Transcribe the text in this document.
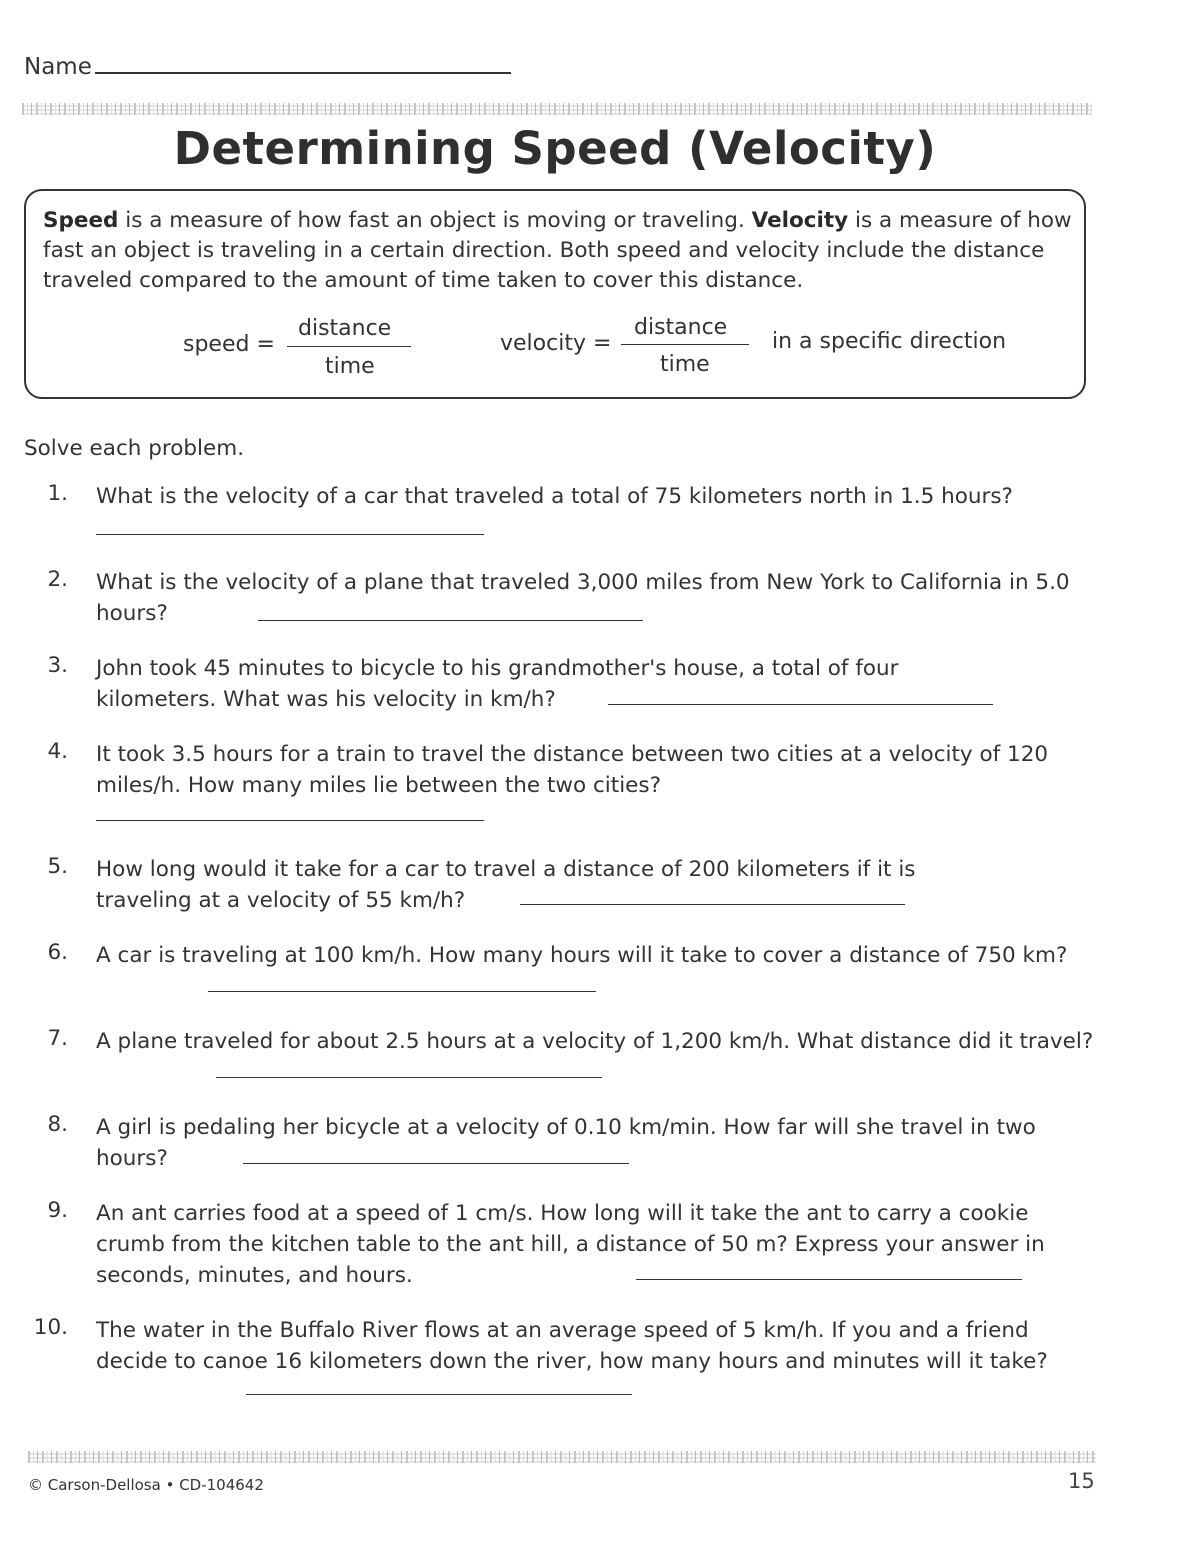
Name
Determining Speed (Velocity)
Speed is a measure of how fast an object is moving or traveling. Velocity is a measure of how fast an object is traveling in a certain direction. Both speed and velocity include the distance traveled compared to the amount of time taken to cover this distance.
speed =
distance
time
velocity =
distance
time
in a specific direction
Solve each problem.
1. What is the velocity of a car that traveled a total of 75 kilometers north in 1.5 hours?
2. What is the velocity of a plane that traveled 3,000 miles from New York to California in 5.0 hours?
3. John took 45 minutes to bicycle to his grandmother's house, a total of four kilometers. What was his velocity in km/h?
4. It took 3.5 hours for a train to travel the distance between two cities at a velocity of 120 miles/h. How many miles lie between the two cities?
5. How long would it take for a car to travel a distance of 200 kilometers if it is traveling at a velocity of 55 km/h?
6. A car is traveling at 100 km/h. How many hours will it take to cover a distance of 750 km?
7. A plane traveled for about 2.5 hours at a velocity of 1,200 km/h. What distance did it travel?
8. A girl is pedaling her bicycle at a velocity of 0.10 km/min. How far will she travel in two hours?
9. An ant carries food at a speed of 1 cm/s. How long will it take the ant to carry a cookie crumb from the kitchen table to the ant hill, a distance of 50 m? Express your answer in seconds, minutes, and hours.
10. The water in the Buffalo River flows at an average speed of 5 km/h. If you and a friend decide to canoe 16 kilometers down the river, how many hours and minutes will it take?
© Carson-Dellosa • CD-104642	15
